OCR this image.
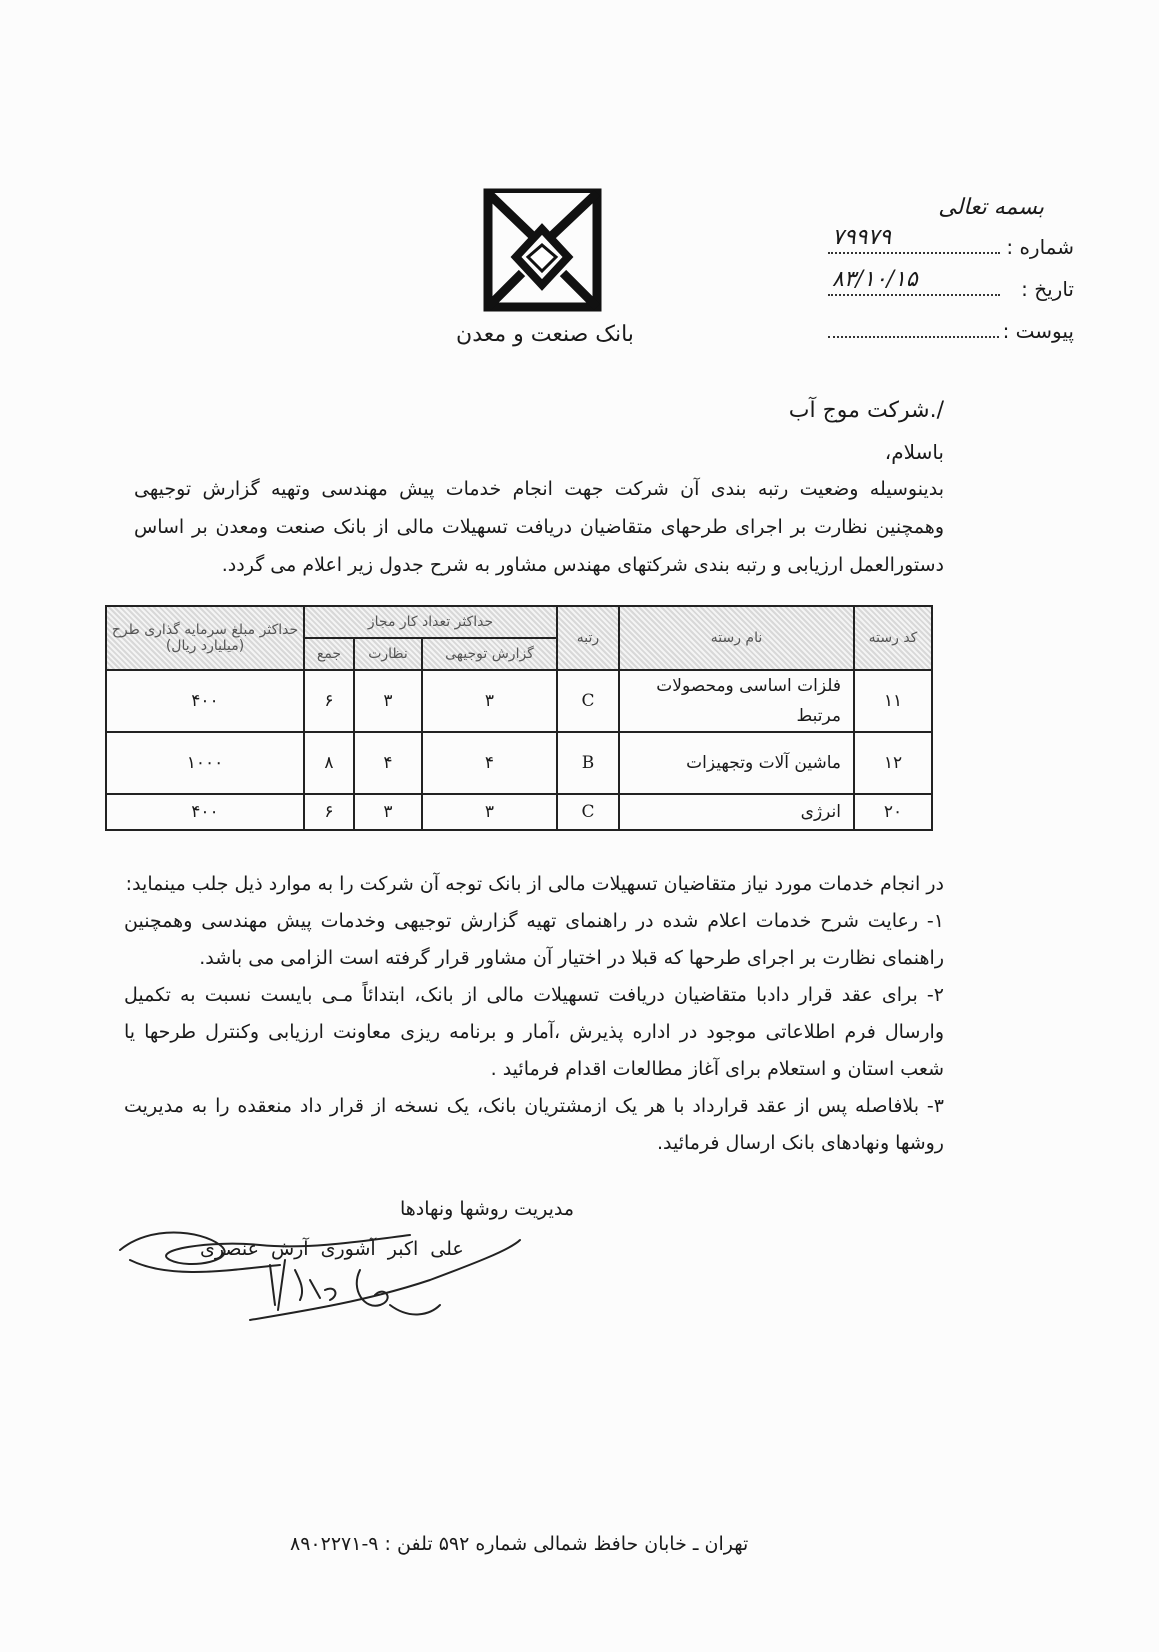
بانک صنعت و معدن
بسمه تعالی
شماره :
۷۹۹۷۹
تاریخ :
۸۳/۱۰/۱۵
پیوست :
/.شرکت موج آب
باسلام،
بدینوسیله وضعیت رتبه بندی آن شرکت جهت انجام خدمات پیش مهندسی وتهیه گزارش توجیهی وهمچنین نظارت بر اجرای طرحهای متقاضیان دریافت تسهیلات مالی از بانک صنعت ومعدن بر اساس دستورالعمل ارزیابی و رتبه بندی شرکتهای مهندس مشاور به شرح جدول زیر اعلام می گردد.
کد رسته	نام رسته	رتبه	حداکثر تعداد کار مجاز			حداکثر مبلغ سرمایه گذاری طرح (میلیارد ریال)
			گزارش توجیهی	نظارت	جمع	
۱۱	فلزات اساسی ومحصولات مرتبط	C	۳	۳	۶	۴۰۰
۱۲	ماشین آلات وتجهیزات	B	۴	۴	۸	۱۰۰۰
۲۰	انرژی	C	۳	۳	۶	۴۰۰
در انجام خدمات مورد نیاز متقاضیان تسهیلات مالی از بانک توجه آن شرکت را به موارد ذیل جلب مینماید:
۱- رعایت شرح خدمات اعلام شده در راهنمای تهیه گزارش توجیهی وخدمات پیش مهندسی وهمچنین راهنمای نظارت بر اجرای طرحها که قبلا در اختیار آن مشاور قرار گرفته است الزامی می باشد.
۲- برای عقد قرار دادبا متقاضیان دریافت تسهیلات مالی از بانک، ابتدائاً مـی بایست نسبت به تکمیل وارسال فرم اطلاعاتی موجود در اداره پذیرش ،آمار و برنامه ریزی معاونت ارزیابی وکنترل طرحها یا شعب استان و استعلام برای آغاز مطالعات اقدام فرمائید .
۳- بلافاصله پس از عقد قرارداد با هر یک ازمشتریان بانک، یک نسخه از قرار داد منعقده را به مدیریت روشها ونهادهای بانک ارسال فرمائید.
مدیریت روشها ونهادها
علی اکبر آشوری آرش عنصری
تهران ـ خابان حافظ شمالی شماره ۵۹۲ تلفن : ۹-۸۹۰۲۲۷۱
